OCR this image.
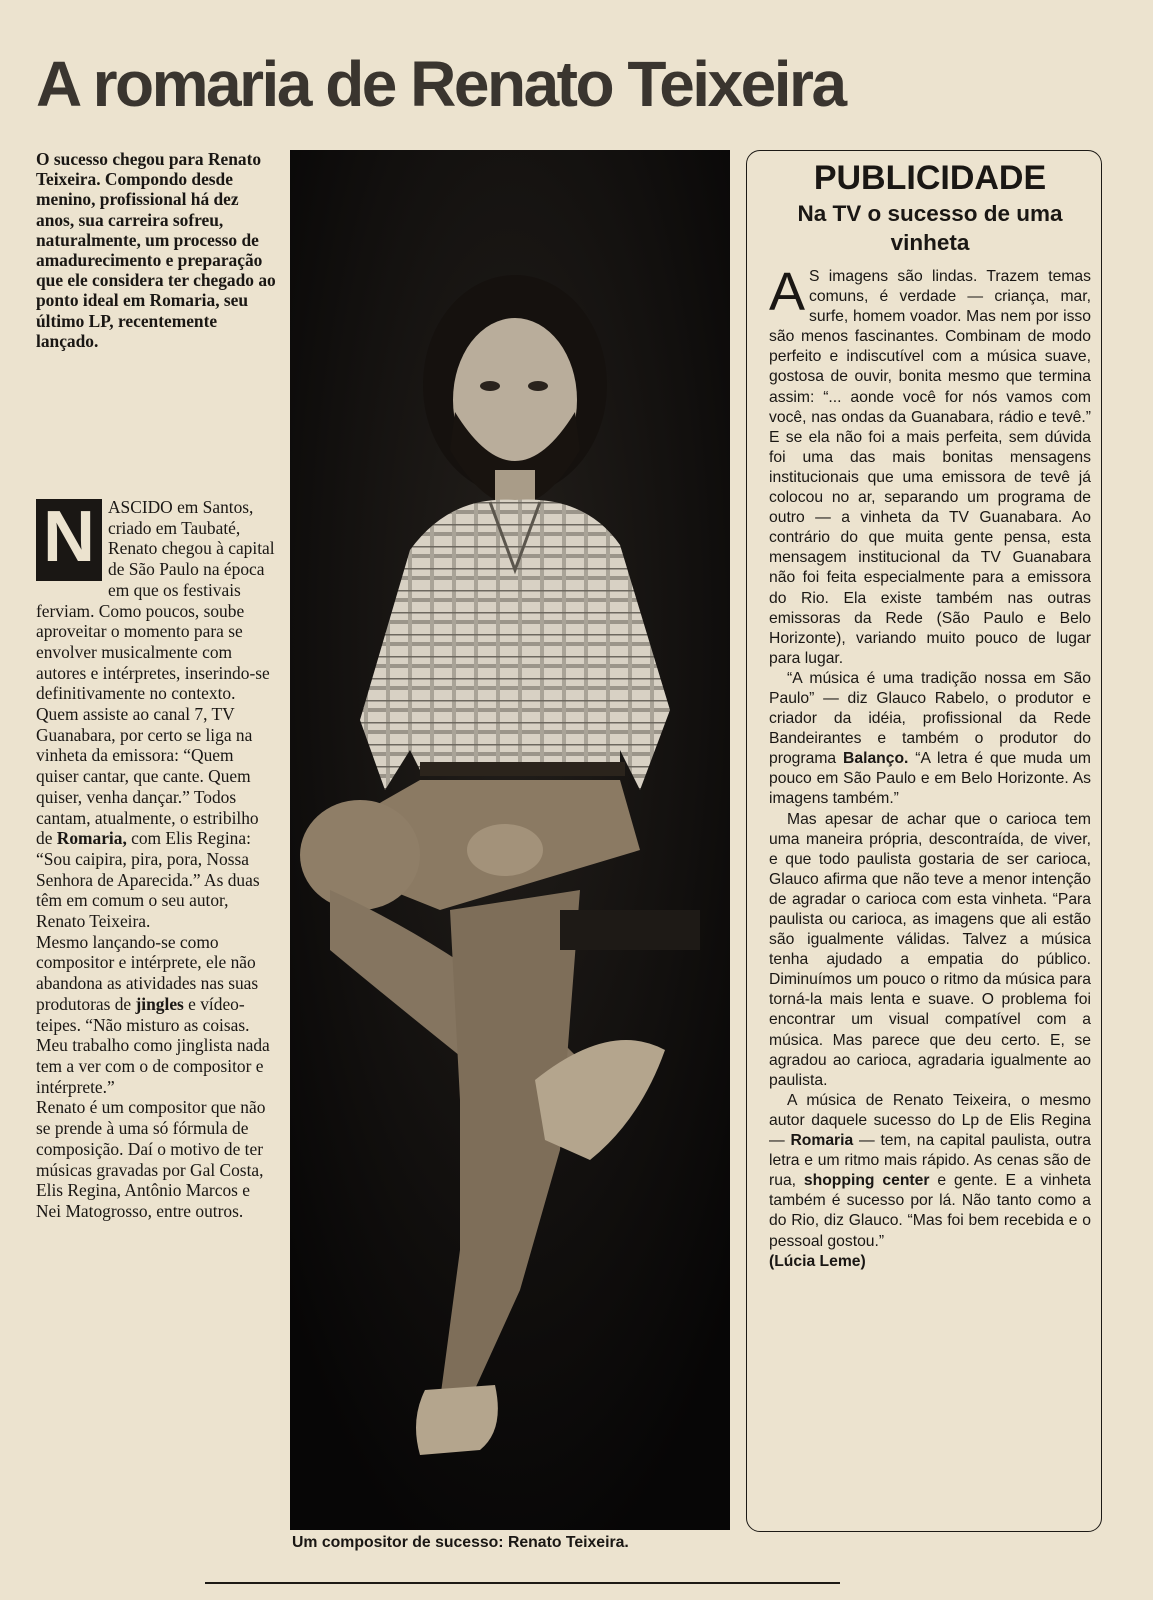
A romaria de Renato Teixeira

O sucesso chegou para Renato Teixeira. Compondo desde menino, profissional há dez anos, sua carreira sofreu, naturalmente, um processo de amadurecimento e preparação que ele considera ter chegado ao ponto ideal em Romaria, seu último LP, recentemente lançado.

N ASCIDO em Santos, criado em Taubaté, Renato chegou à capital de São Paulo na época em que os festivais ferviam. Como poucos, soube aproveitar o momento para se envolver musicalmente com autores e intérpretes, inserindo-se definitivamente no contexto.

Quem assiste ao canal 7, TV Guanabara, por certo se liga na vinheta da emissora: “Quem quiser cantar, que cante. Quem quiser, venha dançar.” Todos cantam, atualmente, o estribilho de Romaria, com Elis Regina: “Sou caipira, pira, pora, Nossa Senhora de Aparecida.” As duas têm em comum o seu autor, Renato Teixeira.

Mesmo lançando-se como compositor e intérprete, ele não abandona as atividades nas suas produtoras de jingles e vídeo-teipes. “Não misturo as coisas. Meu trabalho como jinglista nada tem a ver com o de compositor e intérprete.”

Renato é um compositor que não se prende à uma só fórmula de composição. Daí o motivo de ter músicas gravadas por Gal Costa, Elis Regina, Antônio Marcos e Nei Matogrosso, entre outros.

Um compositor de sucesso: Renato Teixeira.

PUBLICIDADE

Na TV o sucesso de uma vinheta

A S imagens são lindas. Trazem temas comuns, é verdade — criança, mar, surfe, homem voador. Mas nem por isso são menos fascinantes. Combinam de modo perfeito e indiscutível com a música suave, gostosa de ouvir, bonita mesmo que termina assim: “... aonde você for nós vamos com você, nas ondas da Guanabara, rádio e tevê.” E se ela não foi a mais perfeita, sem dúvida foi uma das mais bonitas mensagens institucionais que uma emissora de tevê já colocou no ar, separando um programa de outro — a vinheta da TV Guanabara. Ao contrário do que muita gente pensa, esta mensagem institucional da TV Guanabara não foi feita especialmente para a emissora do Rio. Ela existe também nas outras emissoras da Rede (São Paulo e Belo Horizonte), variando muito pouco de lugar para lugar.

“A música é uma tradição nossa em São Paulo” — diz Glauco Rabelo, o produtor e criador da idéia, profissional da Rede Bandeirantes e também o produtor do programa Balanço. “A letra é que muda um pouco em São Paulo e em Belo Horizonte. As imagens também.”

Mas apesar de achar que o carioca tem uma maneira própria, descontraída, de viver, e que todo paulista gostaria de ser carioca, Glauco afirma que não teve a menor intenção de agradar o carioca com esta vinheta. “Para paulista ou carioca, as imagens que ali estão são igualmente válidas. Talvez a música tenha ajudado a empatia do público. Diminuímos um pouco o ritmo da música para torná-la mais lenta e suave. O problema foi encontrar um visual compatível com a música. Mas parece que deu certo. E, se agradou ao carioca, agradaria igualmente ao paulista.

A música de Renato Teixeira, o mesmo autor daquele sucesso do Lp de Elis Regina — Romaria — tem, na capital paulista, outra letra e um ritmo mais rápido. As cenas são de rua, shopping center e gente. E a vinheta também é sucesso por lá. Não tanto como a do Rio, diz Glauco. “Mas foi bem recebida e o pessoal gostou.”

(Lúcia Leme)
